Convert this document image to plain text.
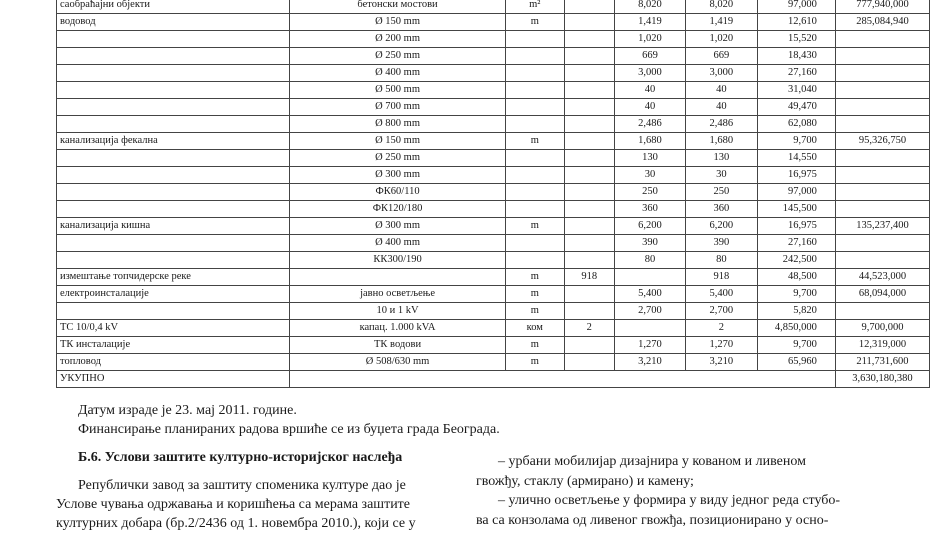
саобраћајни објекти	бетонски мостови	m²		8,020	8,020	97,000	777,940,000
водовод	Ø 150 mm	m		1,419	1,419	12,610	285,084,940
	Ø 200 mm			1,020	1,020	15,520	
	Ø 250 mm			669	669	18,430	
	Ø 400 mm			3,000	3,000	27,160	
	Ø 500 mm			40	40	31,040	
	Ø 700 mm			40	40	49,470	
	Ø 800 mm			2,486	2,486	62,080	
канализација фекална	Ø 150 mm	m		1,680	1,680	9,700	95,326,750
	Ø 250 mm			130	130	14,550	
	Ø 300 mm			30	30	16,975	
	ФК60/110			250	250	97,000	
	ФК120/180			360	360	145,500	
канализација кишна	Ø 300 mm	m		6,200	6,200	16,975	135,237,400
	Ø 400 mm			390	390	27,160	
	КК300/190			80	80	242,500	
измештање топчидерске реке		m	918		918	48,500	44,523,000
електроинсталације	јавно осветљење	m		5,400	5,400	9,700	68,094,000
	10 и 1 kV	m		2,700	2,700	5,820	
ТС 10/0,4 kV	капац. 1.000 kVA	ком	2		2	4,850,000	9,700,000
ТК инсталације	ТК водови	m		1,270	1,270	9,700	12,319,000
топловод	Ø 508/630 mm	m		3,210	3,210	65,960	211,731,600
УКУПНО							3,630,180,380
Датум израде је 23. мај 2011. године.
Финансирање планираних радова вршиће се из буџета града Београда.
Б.6. Услови заштите културно-историјског наслеђа

Републички завод за заштиту споменика културе дао је

Услове чувања одржавања и коришћења са мерама заштите

културних добара (бр.2/2436 од 1. новембра 2010.), који се у

– урбани мобилијар дизајнира у кованом и ливеном

гвожђу, стаклу (армирано) и камену;

– улично осветљење у формира у виду једног реда стубо-

ва са конзолама од ливеног гвожђа, позиционирано у осно-
